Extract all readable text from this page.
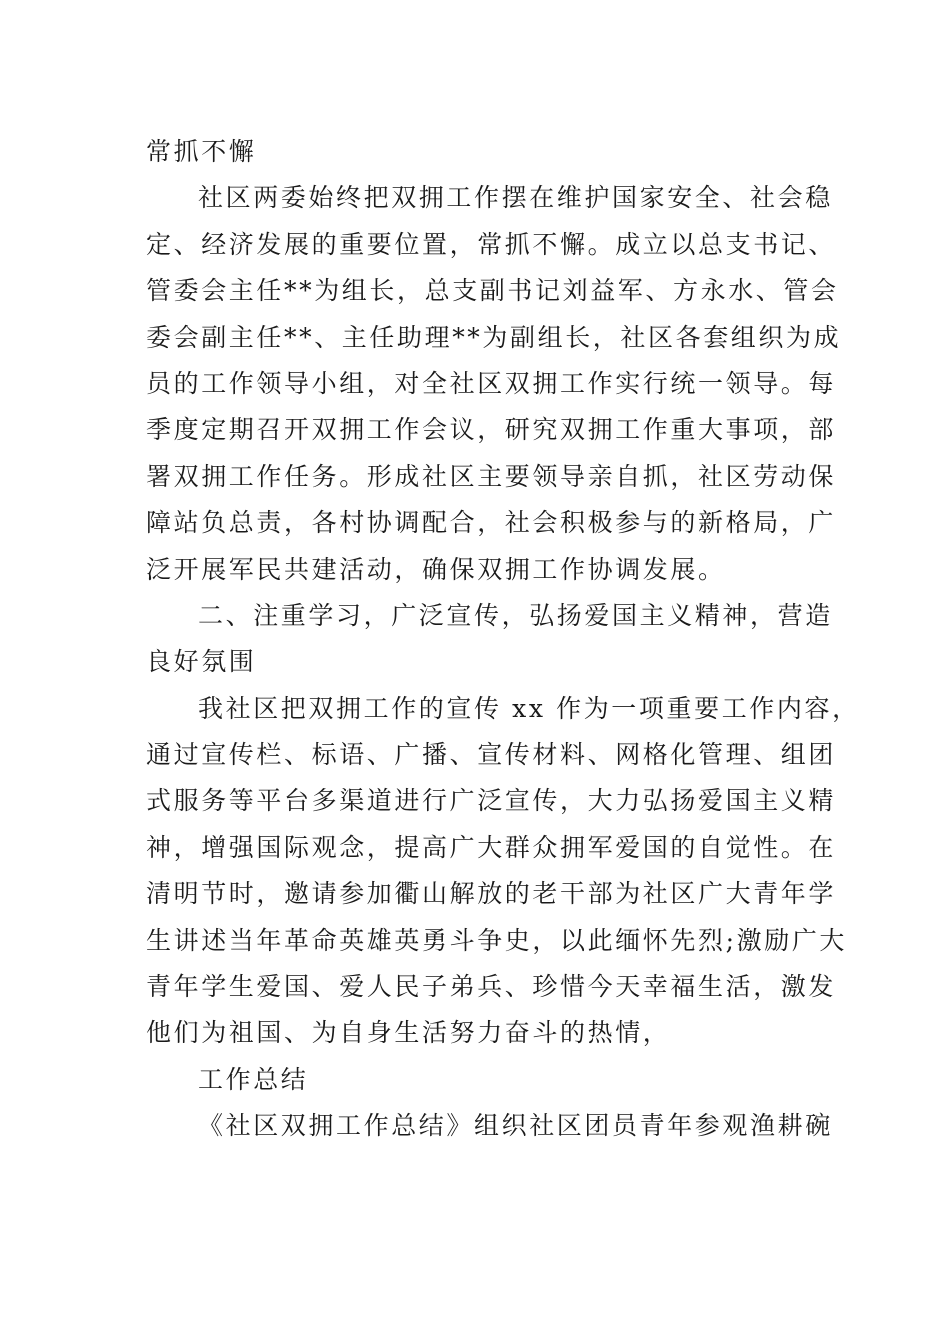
常抓不懈
社区两委始终把双拥工作摆在维护国家安全、社会稳
定、经济发展的重要位置，常抓不懈。成立以总支书记、
管委会主任**为组长，总支副书记刘益军、方永水、管会
委会副主任**、主任助理**为副组长，社区各套组织为成
员的工作领导小组，对全社区双拥工作实行统一领导。每
季度定期召开双拥工作会议，研究双拥工作重大事项，部
署双拥工作任务。形成社区主要领导亲自抓，社区劳动保
障站负总责，各村协调配合，社会积极参与的新格局，广
泛开展军民共建活动，确保双拥工作协调发展。
二、注重学习，广泛宣传，弘扬爱国主义精神，营造
良好氛围
我社区把双拥工作的宣传 xx 作为一项重要工作内容，
通过宣传栏、标语、广播、宣传材料、网格化管理、组团
式服务等平台多渠道进行广泛宣传，大力弘扬爱国主义精
神，增强国际观念，提高广大群众拥军爱国的自觉性。在
清明节时，邀请参加衢山解放的老干部为社区广大青年学
生讲述当年革命英雄英勇斗争史，以此缅怀先烈;激励广大
青年学生爱国、爱人民子弟兵、珍惜今天幸福生活，激发
他们为祖国、为自身生活努力奋斗的热情，
工作总结
《社区双拥工作总结》组织社区团员青年参观渔耕碗
